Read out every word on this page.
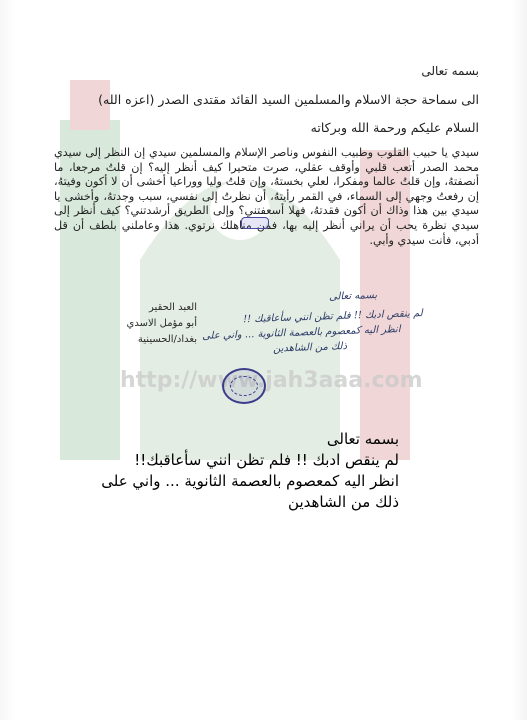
http://www.jah3aaa.com
بسمه تعالى
الى سماحة حجة الاسلام والمسلمين السيد القائد مقتدى الصدر (اعزه الله)
السلام عليكم ورحمة الله وبركاته
سيدي يا حبيب القلوب وطبيب النفوس وناصر الإسلام والمسلمين سيدي إن النظر إلى سيدي محمد الصدر أتعب قلبي وأوقف عقلي، صرت متحيرا كيف أنظر إليه؟ إن قلتُ مرجعا، ما أنصفتهُ، وإن قلتُ عالما ومفكرا، لعلي بخستهُ، وإن قلتُ وليا ووراعيا أخشى أن لا أكون وفيتهُ، إن رفعتُ وجهي إلى السماء، في القمر رأيتهُ، أن نظرتُ إلى نفسي، سبب وجدتهُ، وأخشى يا سيدي بين هذا وذاك أن أكون فقدتهُ، فهلا أسعفتني؟ وإلى الطريق أرشدتني؟ كيف أنظر إلى سيدي نظرة يحب أن يراني أنظر إليه بها، فمن مناهلك نرتوي. هذا وعاملني بلطف أن قل أدبي، فأنت سيدي وأبي.
العبد الحقير
أبو مؤمل الاسدي
بغداد/الحسينية
بسمه تعالى
لم ينقص ادبك !! فلم تظن انني سأعاقبك !!
انظر اليه كمعصوم بالعصمة الثانوية ... واني على
ذلك من الشاهدين
بسمه تعالى
لم ينقص ادبك !! فلم تظن انني سأعاقبك!!
انظر اليه كمعصوم بالعصمة الثانوية ... واني على
ذلك من الشاهدين
